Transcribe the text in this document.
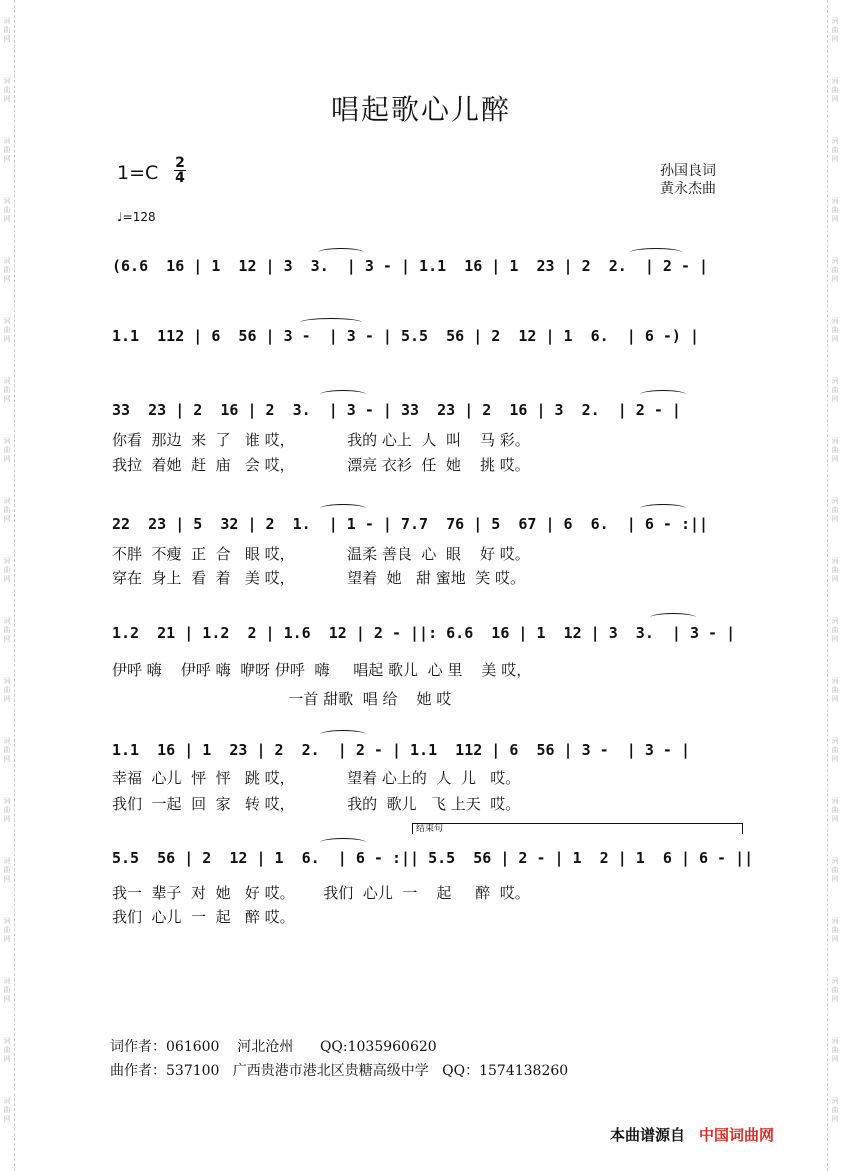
词
曲
网
词
曲
网
词
曲
网
词
曲
网
词
曲
网
词
曲
网
词
曲
网
词
曲
网
词
曲
网
词
曲
网
词
曲
网
词
曲
网
词
曲
网
词
曲
网
词
曲
网
词
曲
网
词
曲
网
词
曲
网
词
曲
网
词
曲
网
词
曲
网
词
曲
网
词
曲
网
词
曲
网
词
曲
网
词
曲
网
词
曲
网
词
曲
网
词
曲
网
词
曲
网
词
曲
网
词
曲
网
词
曲
网
词
曲
网
词
曲
网
词
曲
网
词
曲
网
词
曲
网
唱起歌心儿醉
1=C 2
4
♩=128
孙国良词
黄永杰曲
结束句
(6.6  16 | 1  12 | 3  3.  | 3 - | 1.1  16 | 1  23 | 2  2.  | 2 - |
1.1  112 | 6  56 | 3 -  | 3 - | 5.5  56 | 2  12 | 1  6.  | 6 -) |
33  23 | 2  16 | 2  3.  | 3 - | 33  23 | 2  16 | 3  2.  | 2 - |
你看  那边  来  了   谁 哎，           我的 心上  人  叫    马 彩。
我拉  着她  赶  庙   会 哎，           漂亮 衣衫  任  她    挑 哎。
22  23 | 5  32 | 2  1.  | 1 - | 7.7  76 | 5  67 | 6  6.  | 6 - :||
不胖  不瘦  正  合   眼 哎，           温柔 善良  心  眼    好 哎。
穿在  身上  看  着   美 哎，           望着  她   甜 蜜地  笑 哎。
1.2  21 | 1.2  2 | 1.6  12 | 2 - ||: 6.6  16 | 1  12 | 3  3.  | 3 - |
伊呼 嗨    伊呼 嗨  咿呀 伊呼  嗨     唱起 歌儿  心 里    美 哎，
一首 甜歌  唱 给    她 哎
1.1  16 | 1  23 | 2  2.  | 2 - | 1.1  112 | 6  56 | 3 -  | 3 - |
幸福  心儿  怦  怦   跳 哎，           望着 心上的  人  儿   哎。
我们  一起  回  家   转 哎，           我的  歌儿   飞 上天  哎。
5.5  56 | 2  12 | 1  6.  | 6 - :|| 5.5  56 | 2 - | 1  2 | 1  6 | 6 - ||
我一  辈子  对  她   好 哎。      我们  心儿  一    起     醉  哎。
我们  心儿  一  起   醉 哎。
词作者：061600    河北沧州      QQ:1035960620
曲作者：537100   广西贵港市港北区贵糖高级中学   QQ：1574138260
本曲谱源自 中国词曲网
